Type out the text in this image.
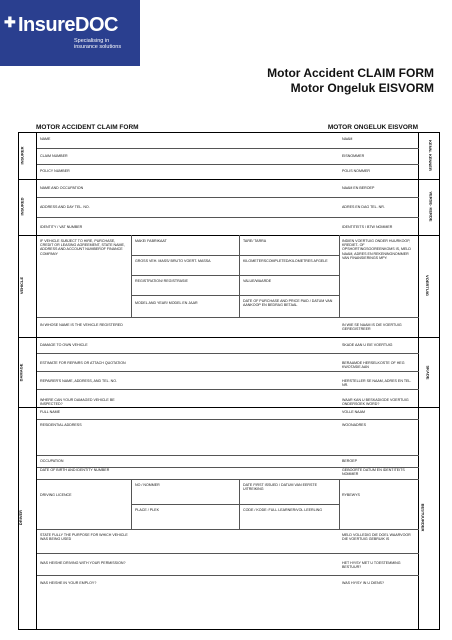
✚ InsureDOC
Specialising in
insurance solutions
Motor Accident CLAIM FORM
Motor Ongeluk EISVORM
MOTOR ACCIDENT CLAIM FORM	MOTOR ONGELUK EISVORM
INSURER
INSURED
VEHICLE
DAMAGE
DRIVER
KENN- KENNER
VERSE- KERDE
VOERTUIG
SKADE
BESTUURDER
NAME	NAAM
CLAIM NUMBER	EISNOMMER
POLICY NUMBER	POLIS NOMMER
NAME AND OCCUPATION	NAAM EN BEROEP
ADDRESS AND DAY TEL. NO.	ADRES EN DAG TEL. NR.
IDENTITY / VAT NUMBER	IDENTITEITS / BTW NOMMER
IF VEHICLE SUBJECT TO HIRE, PURCHASE, CREDIT OR LEASING AGREEMENT, STATE NAME, ADDRESS AND ACCOUNT NUMBEROF FINANCE COMPANY
INDIEN VOERTUIG ONDER HUURKOOP, KREDIET- OF OPSHORTINGSOOREENKOMS IS, MELD NAAM, ADRES EN REKENINGNOMMER VAN FINANSIERINGS MPY.
MAKE/ FABRIKAAT	TARE/ TARRA
GROSS VEH. MASS/ BRUTO VOERT. MASSA	KILOMETERSCOMPLETED/KILOMETRES AFGELE
REGISTRATION/ REGISTRASIE	VALUE/WAARDE
MODEL AND YEAR/ MODEL EN JAAR	DATE OF PURCHASE AND PRICE PAID / DATUM VAN AANKOOP EN BEDRAG BETAAL
IN WHOSE NAME IS THE VEHICLE REGISTERED	IN WIE SE NAAM IS DIE VOERTUIG GEREGISTREER
DAMAGE TO OWN VEHICLE	SKADE AAN U EIE VOERTUIG
ESTIMATE FOR REPAIRS OR ATTACH QUOTATION	BERAAMDE HERSELKOSTE OF HEG KWOTASIE AAN
REPAIRER'S NAME, ADDRESS, AND TEL. NO.	HERSTELLER SE NAAM, ADRES EN TEL. NR.
WHERE CAN YOUR DAMAGED VEHICLE BE INSPECTED?
WAAR KAN U BESKADIGDE VOERTUIG ONDERSOEK WORD?
FULL NAME	VOLLE NAAM
RESIDENTIAL ADDRESS	WOONADRES
OCCUPATION	BEROEP
DATE OF BIRTH AND IDENTITY NUMBER	GEBOORTE DATUM EN IDENTITEITS NOMMER
DRIVING LICENCE	RYBEWYS
NO / NOMMER	DATE FIRST ISSUED / DATUM VAN EERSTE UITREIKING
PLACE / PLEK	CODE / KODE: FULL LEARNER/VOL LEERLING
STATE FULLY THE PURPOSE FOR WHICH VEHICLE WAS BEING USED
MELD VOLLEDIG DIE DOEL WAARVOOR DIE VOERTUIG GEBRUIK IS
WAS HE/SHE DRIVING WITH YOUR PERMISSION?	HET HY/SY MET U TOESTEMMING BESTUUR?
WAS HE/SHE IN YOUR EMPLOY?	WAS HY/SY IN U DIENS?
